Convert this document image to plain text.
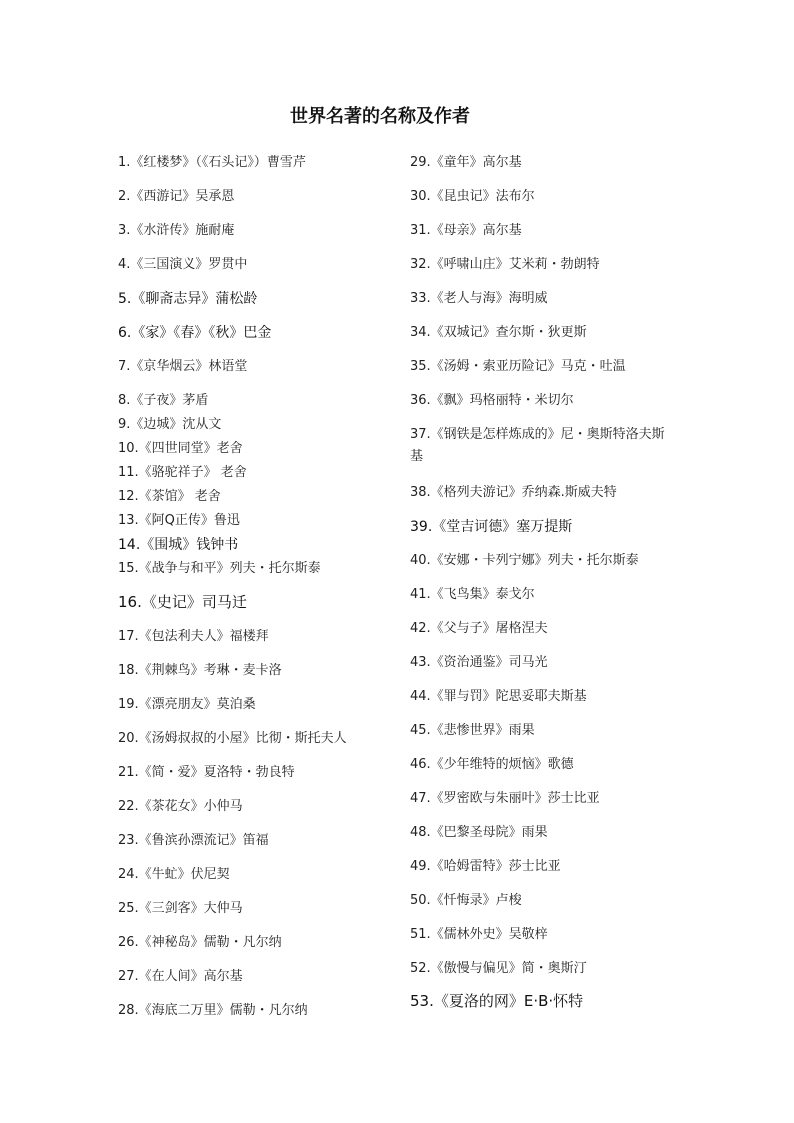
世界名著的名称及作者
1.《红楼梦》（《石头记》）曹雪芹
2.《西游记》吴承恩
3.《水浒传》施耐庵
4.《三国演义》罗贯中
5.《聊斋志异》蒲松龄
6.《家》《春》《秋》巴金
7.《京华烟云》林语堂
8.《子夜》茅盾
9.《边城》沈从文
10.《四世同堂》老舍
11.《骆驼祥子》 老舍
12.《茶馆》 老舍
13.《阿Q正传》鲁迅
14.《围城》钱钟书
15.《战争与和平》列夫・托尔斯泰
16.《史记》司马迁
17.《包法利夫人》福楼拜
18.《荆棘鸟》考琳・麦卡洛
19.《漂亮朋友》莫泊桑
20.《汤姆叔叔的小屋》比彻・斯托夫人
21.《简・爱》夏洛特・勃良特
22.《茶花女》小仲马
23.《鲁滨孙漂流记》笛福
24.《牛虻》伏尼契
25.《三剑客》大仲马
26.《神秘岛》儒勒・凡尔纳
27.《在人间》高尔基
28.《海底二万里》儒勒・凡尔纳
29.《童年》高尔基
30.《昆虫记》法布尔
31.《母亲》高尔基
32.《呼啸山庄》艾米莉・勃朗特
33.《老人与海》海明威
34.《双城记》查尔斯・狄更斯
35.《汤姆・索亚历险记》马克・吐温
36.《飘》玛格丽特・米切尔
37.《钢铁是怎样炼成的》尼・奥斯特洛夫斯基
38.《格列夫游记》乔纳森.斯威夫特
39.《堂吉诃德》塞万提斯
40.《安娜・卡列宁娜》列夫・托尔斯泰
41.《飞鸟集》泰戈尔
42.《父与子》屠格涅夫
43.《资治通鉴》司马光
44.《罪与罚》陀思妥耶夫斯基
45.《悲惨世界》雨果
46.《少年维特的烦恼》歌德
47.《罗密欧与朱丽叶》莎士比亚
48.《巴黎圣母院》雨果
49.《哈姆雷特》莎士比亚
50.《忏悔录》卢梭
51.《儒林外史》吴敬梓
52.《傲慢与偏见》简・奥斯汀
53.《夏洛的网》E·B·怀特
